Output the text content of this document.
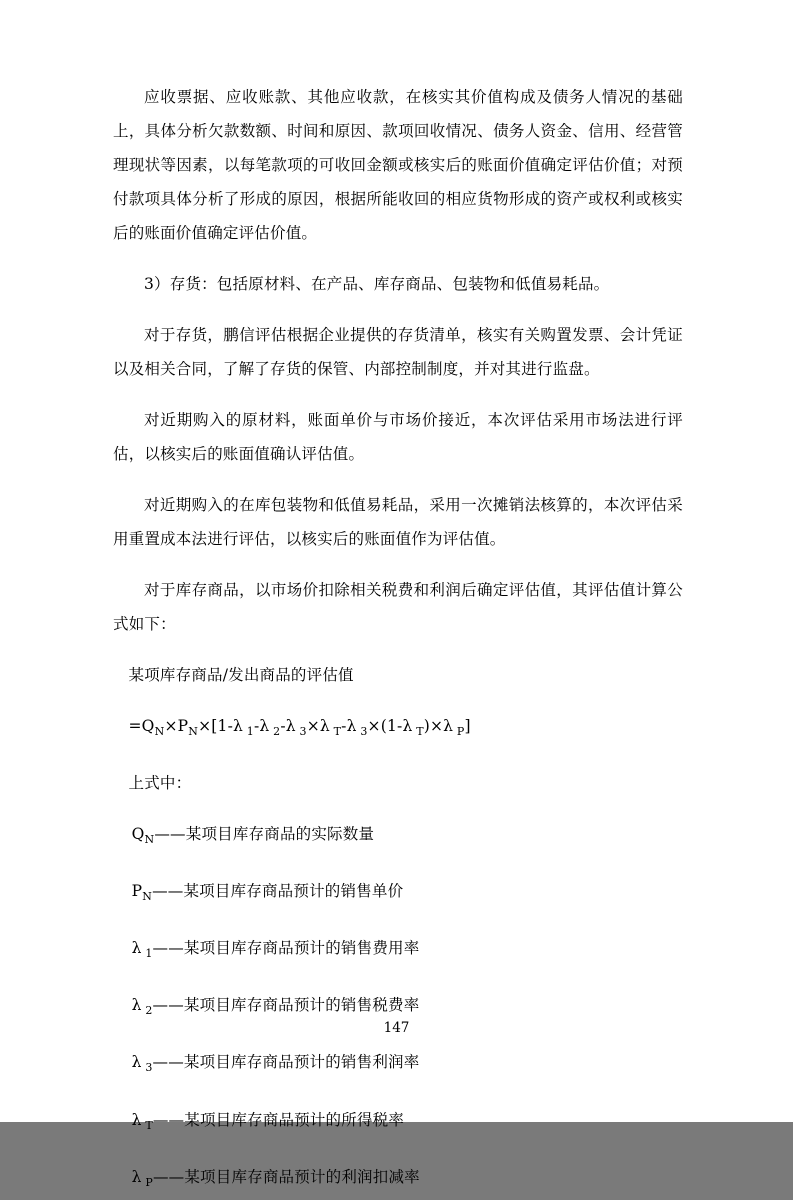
应收票据、应收账款、其他应收款，在核实其价值构成及债务人情况的基础上，具体分析欠款数额、时间和原因、款项回收情况、债务人资金、信用、经营管理现状等因素，以每笔款项的可收回金额或核实后的账面价值确定评估价值；对预付款项具体分析了形成的原因，根据所能收回的相应货物形成的资产或权利或核实后的账面价值确定评估价值。

3）存货：包括原材料、在产品、库存商品、包装物和低值易耗品。

对于存货，鹏信评估根据企业提供的存货清单，核实有关购置发票、会计凭证以及相关合同，了解了存货的保管、内部控制制度，并对其进行监盘。

对近期购入的原材料，账面单价与市场价接近，本次评估采用市场法进行评估，以核实后的账面值确认评估值。

对近期购入的在库包装物和低值易耗品，采用一次摊销法核算的，本次评估采用重置成本法进行评估，以核实后的账面值作为评估值。

对于库存商品，以市场价扣除相关税费和利润后确定评估值，其评估值计算公式如下：

某项库存商品/发出商品的评估值

$=Q_N\times P_N\times[1-\lambda$ $_1$-λ $_2$-λ $_3$×λ $_T$-λ $_3$×(1-λ $_T$)×λ $_P$]

上式中：

$Q_N——$某项目库存商品的实际数量

$P_N——$某项目库存商品预计的销售单价

λ $_1$——某项目库存商品预计的销售费用率

λ $_2$——某项目库存商品预计的销售税费率

λ $_3$——某项目库存商品预计的销售利润率

λ $_T$——某项目库存商品预计的所得税率

λ $_P$——某项目库存商品预计的利润扣减率

147
